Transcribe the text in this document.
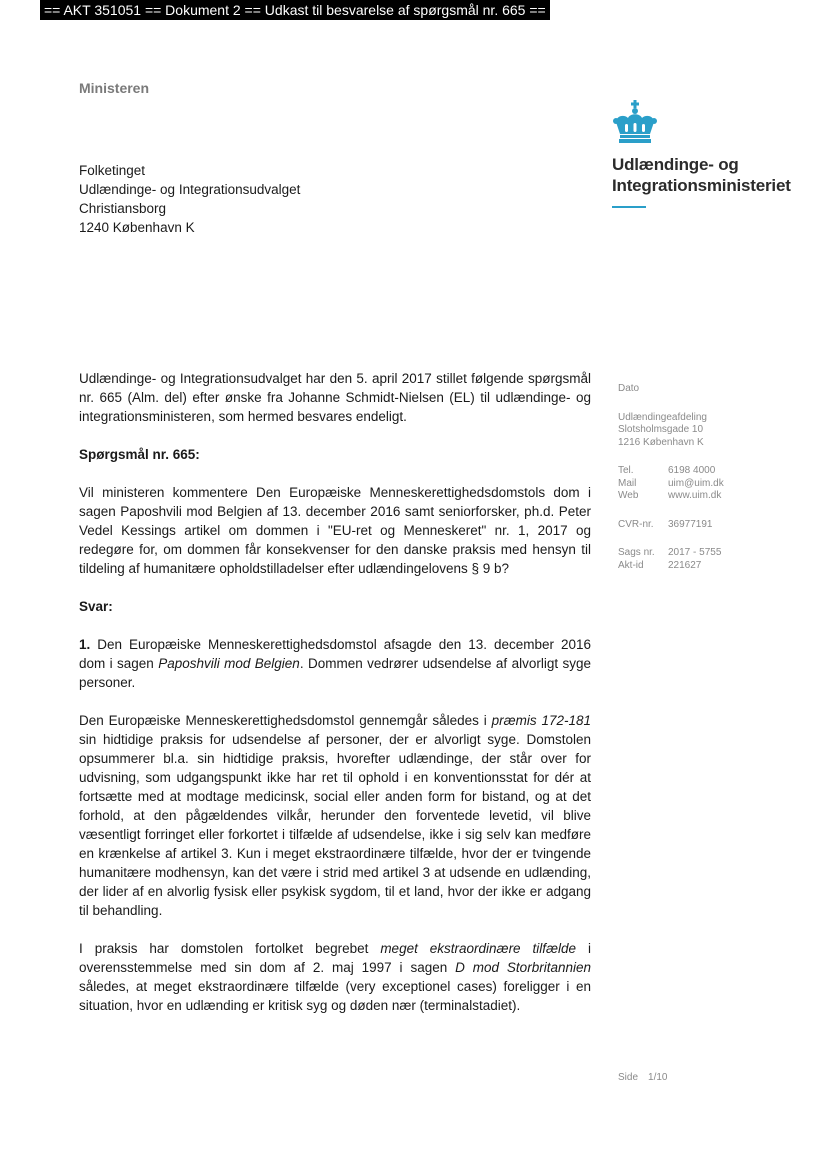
== AKT 351051 == Dokument 2 == Udkast til besvarelse af spørgsmål nr. 665 ==
Ministeren
Udlændinge- og
Integrationsministeriet
Folketinget
Udlændinge- og Integrationsudvalget
Christiansborg
1240 København K

Udlændinge- og Integrationsudvalget har den 5. april 2017 stillet følgende spørgsmål nr. 665 (Alm. del) efter ønske fra Johanne Schmidt-Nielsen (EL) til udlændinge- og integrationsministeren, som hermed besvares endeligt.

Spørgsmål nr. 665:

Vil ministeren kommentere Den Europæiske Menneskerettighedsdomstols dom i sagen Paposhvili mod Belgien af 13. december 2016 samt seniorforsker, ph.d. Peter Vedel Kessings artikel om dommen i "EU-ret og Menneskeret" nr. 1, 2017 og redegøre for, om dommen får konsekvenser for den danske praksis med hensyn til tildeling af humanitære opholdstilladelser efter udlændingelovens § 9 b?

Svar:

1. Den Europæiske Menneskerettighedsdomstol afsagde den 13. december 2016 dom i sagen Paposhvili mod Belgien. Dommen vedrører udsendelse af alvorligt syge personer.

Den Europæiske Menneskerettighedsdomstol gennemgår således i præmis 172-181 sin hidtidige praksis for udsendelse af personer, der er alvorligt syge. Domstolen opsummerer bl.a. sin hidtidige praksis, hvorefter udlændinge, der står over for udvisning, som udgangspunkt ikke har ret til ophold i en konventionsstat for dér at fortsætte med at modtage medicinsk, social eller anden form for bistand, og at det forhold, at den pågældendes vilkår, herunder den forventede levetid, vil blive væsentligt forringet eller forkortet i tilfælde af udsendelse, ikke i sig selv kan medføre en krænkelse af artikel 3. Kun i meget ekstraordinære tilfælde, hvor der er tvingende humanitære modhensyn, kan det være i strid med artikel 3 at udsende en udlænding, der lider af en alvorlig fysisk eller psykisk sygdom, til et land, hvor der ikke er adgang til behandling.

I praksis har domstolen fortolket begrebet meget ekstraordinære tilfælde i overensstemmelse med sin dom af 2. maj 1997 i sagen D mod Storbritannien således, at meget ekstraordinære tilfælde (very exceptionel cases) foreligger i en situation, hvor en udlænding er kritisk syg og døden nær (terminalstadiet).

Dato
Udlændingeafdeling
Slotsholmsgade 10
1216 København K
Tel.	6198 4000
Mail	uim@uim.dk
Web	www.uim.dk
CVR-nr.	36977191
Sags nr.	2017 - 5755
Akt-id	221627
Side 1/10
